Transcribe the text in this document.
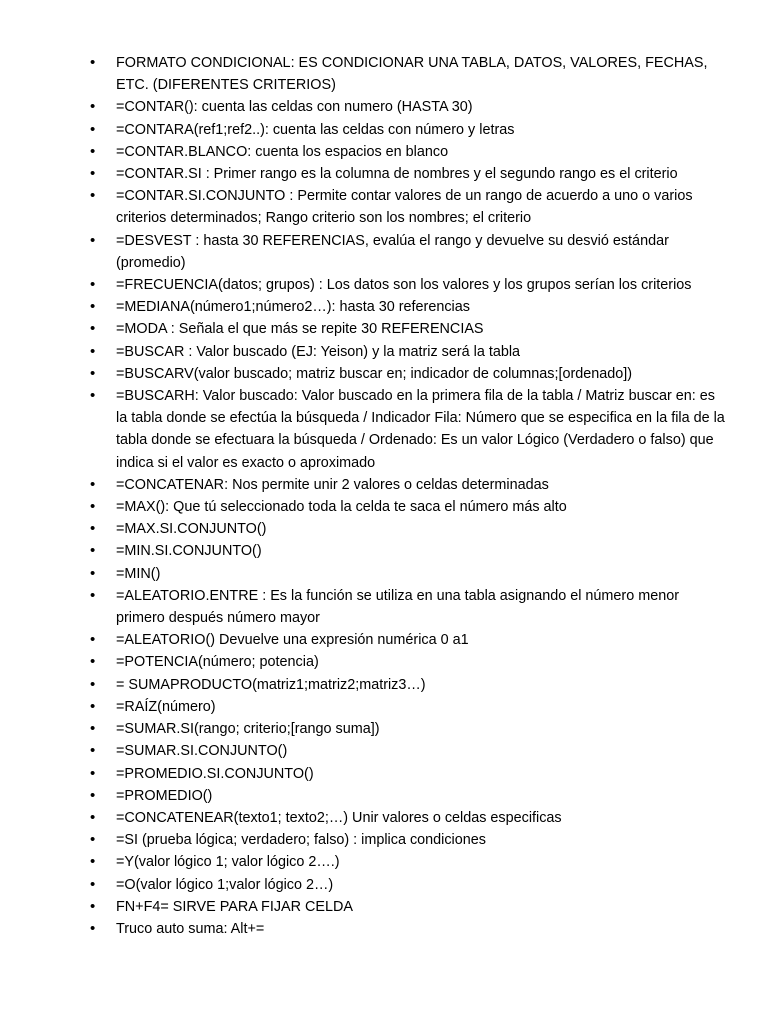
• FORMATO CONDICIONAL: ES CONDICIONAR UNA TABLA, DATOS, VALORES, FECHAS, ETC. (DIFERENTES CRITERIOS)
• =CONTAR(): cuenta las celdas con numero (HASTA 30)
• =CONTARA(ref1;ref2..): cuenta las celdas con número y letras
• =CONTAR.BLANCO: cuenta los espacios en blanco
• =CONTAR.SI : Primer rango es la columna de nombres y el segundo rango es el criterio
• =CONTAR.SI.CONJUNTO : Permite contar valores de un rango de acuerdo a uno o varios criterios determinados; Rango criterio son los nombres; el criterio
• =DESVEST : hasta 30 REFERENCIAS, evalúa el rango y devuelve su desvió estándar (promedio)
• =FRECUENCIA(datos; grupos) : Los datos son los valores y los grupos serían los criterios
• =MEDIANA(número1;número2…): hasta 30 referencias
• =MODA : Señala el que más se repite 30 REFERENCIAS
• =BUSCAR : Valor buscado (EJ: Yeison) y la matriz será la tabla
• =BUSCARV(valor buscado; matriz buscar en; indicador de columnas;[ordenado])
• =BUSCARH: Valor buscado: Valor buscado en la primera fila de la tabla / Matriz buscar en: es la tabla donde se efectúa la búsqueda / Indicador Fila: Número que se especifica en la fila de la tabla donde se efectuara la búsqueda / Ordenado: Es un valor Lógico (Verdadero o falso) que indica si el valor es exacto o aproximado
• =CONCATENAR: Nos permite unir 2 valores o celdas determinadas
• =MAX(): Que tú seleccionado toda la celda te saca el número más alto
• =MAX.SI.CONJUNTO()
• =MIN.SI.CONJUNTO()
• =MIN()
• =ALEATORIO.ENTRE : Es la función se utiliza en una tabla asignando el número menor primero después número mayor
• =ALEATORIO() Devuelve una expresión numérica 0 a1
• =POTENCIA(número; potencia)
• = SUMAPRODUCTO(matriz1;matriz2;matriz3…)
• =RAÍZ(número)
• =SUMAR.SI(rango; criterio;[rango suma])
• =SUMAR.SI.CONJUNTO()
• =PROMEDIO.SI.CONJUNTO()
• =PROMEDIO()
• =CONCATENEAR(texto1; texto2;…) Unir valores o celdas especificas
• =SI (prueba lógica; verdadero; falso) : implica condiciones
• =Y(valor lógico 1; valor lógico 2….)
• =O(valor lógico 1;valor lógico 2…)
• FN+F4= SIRVE PARA FIJAR CELDA
• Truco auto suma: Alt+=
